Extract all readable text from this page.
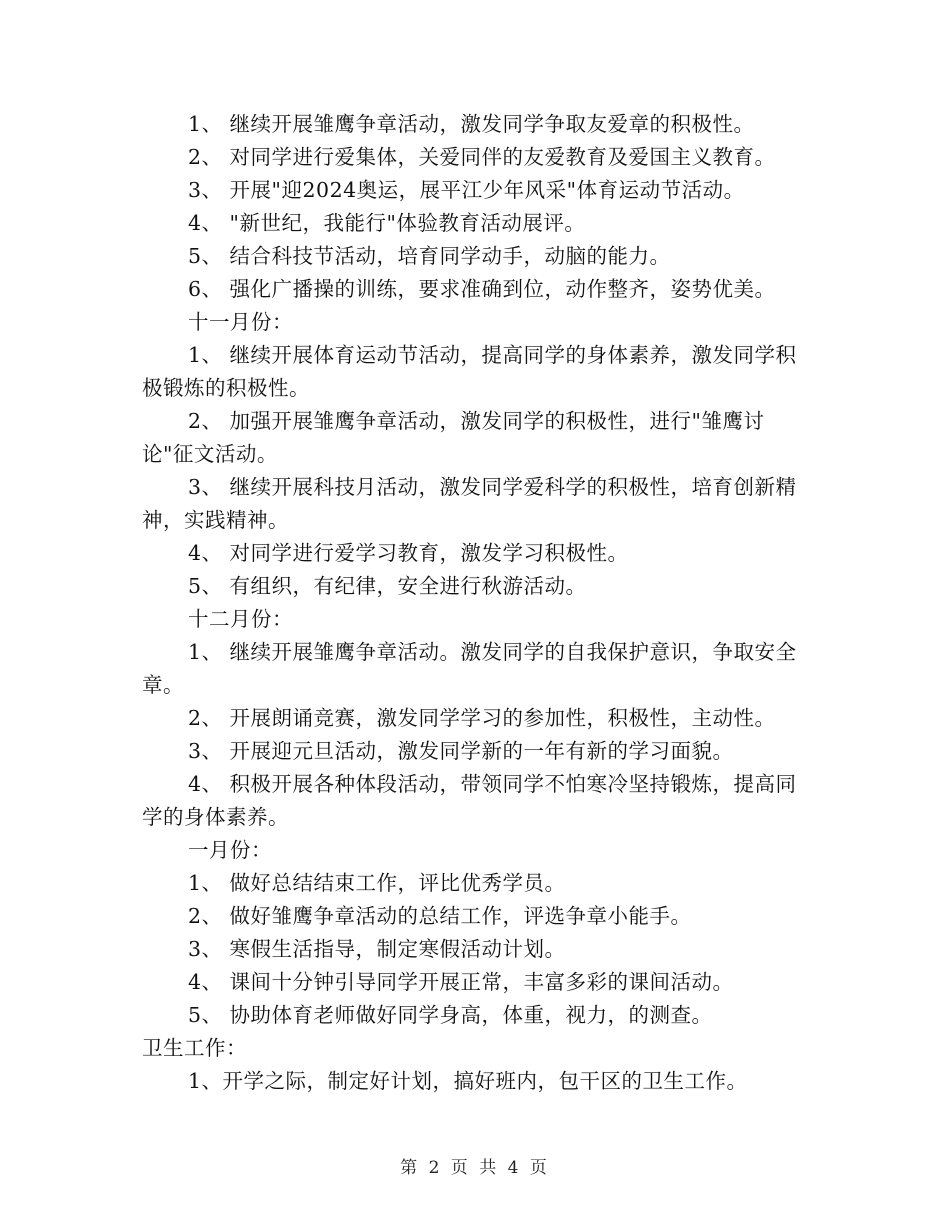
1、 继续开展雏鹰争章活动，激发同学争取友爱章的积极性。

2、 对同学进行爱集体，关爱同伴的友爱教育及爱国主义教育。

3、 开展"迎2024奥运，展平江少年风采"体育运动节活动。

4、 "新世纪，我能行"体验教育活动展评。

5、 结合科技节活动，培育同学动手，动脑的能力。

6、 强化广播操的训练，要求准确到位，动作整齐，姿势优美。

十一月份：

1、 继续开展体育运动节活动，提高同学的身体素养，激发同学积极锻炼的积极性。

2、 加强开展雏鹰争章活动，激发同学的积极性，进行"雏鹰讨论"征文活动。

3、 继续开展科技月活动，激发同学爱科学的积极性，培育创新精神，实践精神。

4、 对同学进行爱学习教育，激发学习积极性。

5、 有组织，有纪律，安全进行秋游活动。

十二月份：

1、 继续开展雏鹰争章活动。激发同学的自我保护意识，争取安全章。

2、 开展朗诵竞赛，激发同学学习的参加性，积极性，主动性。

3、 开展迎元旦活动，激发同学新的一年有新的学习面貌。

4、 积极开展各种体段活动，带领同学不怕寒冷坚持锻炼，提高同学的身体素养。

一月份：

1、 做好总结结束工作，评比优秀学员。

2、 做好雏鹰争章活动的总结工作，评选争章小能手。

3、 寒假生活指导，制定寒假活动计划。

4、 课间十分钟引导同学开展正常，丰富多彩的课间活动。

5、 协助体育老师做好同学身高，体重，视力，的测查。

卫生工作：

1、开学之际，制定好计划，搞好班内，包干区的卫生工作。

第 2 页 共 4 页
